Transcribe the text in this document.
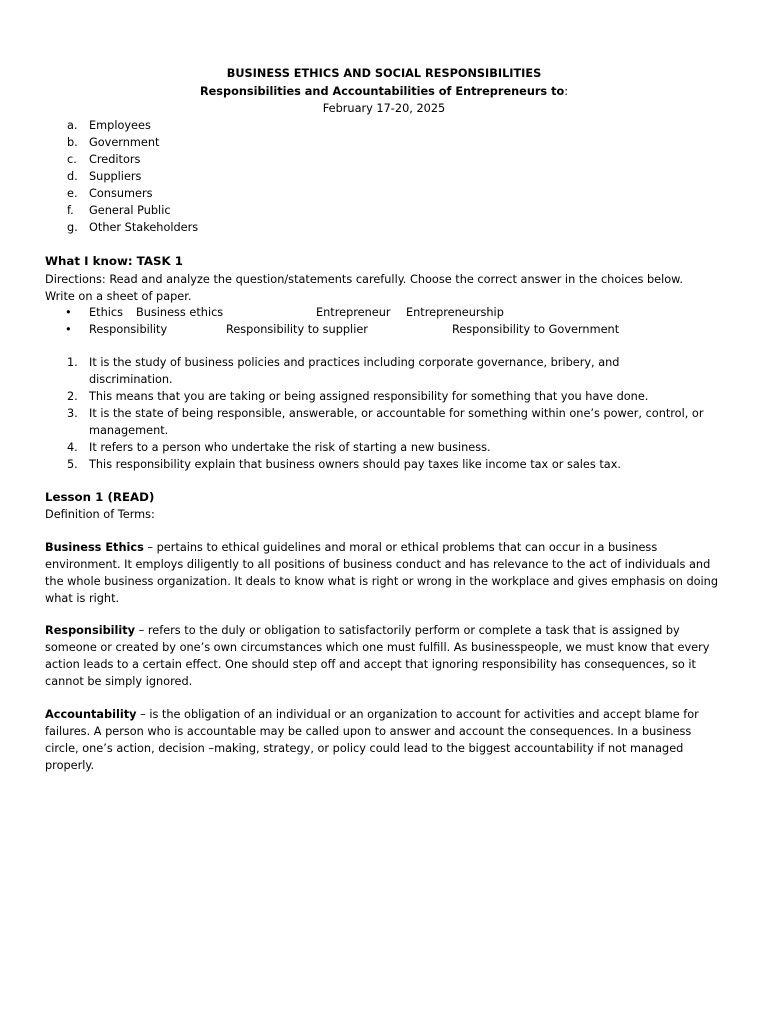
BUSINESS ETHICS AND SOCIAL RESPONSIBILITIES
Responsibilities and Accountabilities of Entrepreneurs to:
February 17-20, 2025
a.	Employees
b. Government
c.	Creditors
d. Suppliers
e.	Consumers
f.	General Public
g. Other Stakeholders
What I know: TASK 1
Directions: Read and analyze the question/statements carefully. Choose the correct answer in the choices below. Write on a sheet of paper.
• Ethics Business ethics	Entrepreneur Entrepreneurship
• Responsibility	Responsibility to supplier	Responsibility to Government
1. It is the study of business policies and practices including corporate governance, bribery, and discrimination.
2. This means that you are taking or being assigned responsibility for something that you have done.
3. It is the state of being responsible, answerable, or accountable for something within one’s power, control, or management.
4. It refers to a person who undertake the risk of starting a new business.
5. This responsibility explain that business owners should pay taxes like income tax or sales tax.
Lesson 1 (READ)
Definition of Terms:
Business Ethics – pertains to ethical guidelines and moral or ethical problems that can occur in a business environment. It employs diligently to all positions of business conduct and has relevance to the act of individuals and the whole business organization. It deals to know what is right or wrong in the workplace and gives emphasis on doing what is right.
Responsibility – refers to the duly or obligation to satisfactorily perform or complete a task that is assigned by someone or created by one’s own circumstances which one must fulfill. As businesspeople, we must know that every action leads to a certain effect. One should step off and accept that ignoring responsibility has consequences, so it cannot be simply ignored.
Accountability – is the obligation of an individual or an organization to account for activities and accept blame for failures. A person who is accountable may be called upon to answer and account the consequences. In a business circle, one’s action, decision –making, strategy, or policy could lead to the biggest accountability if not managed properly.
